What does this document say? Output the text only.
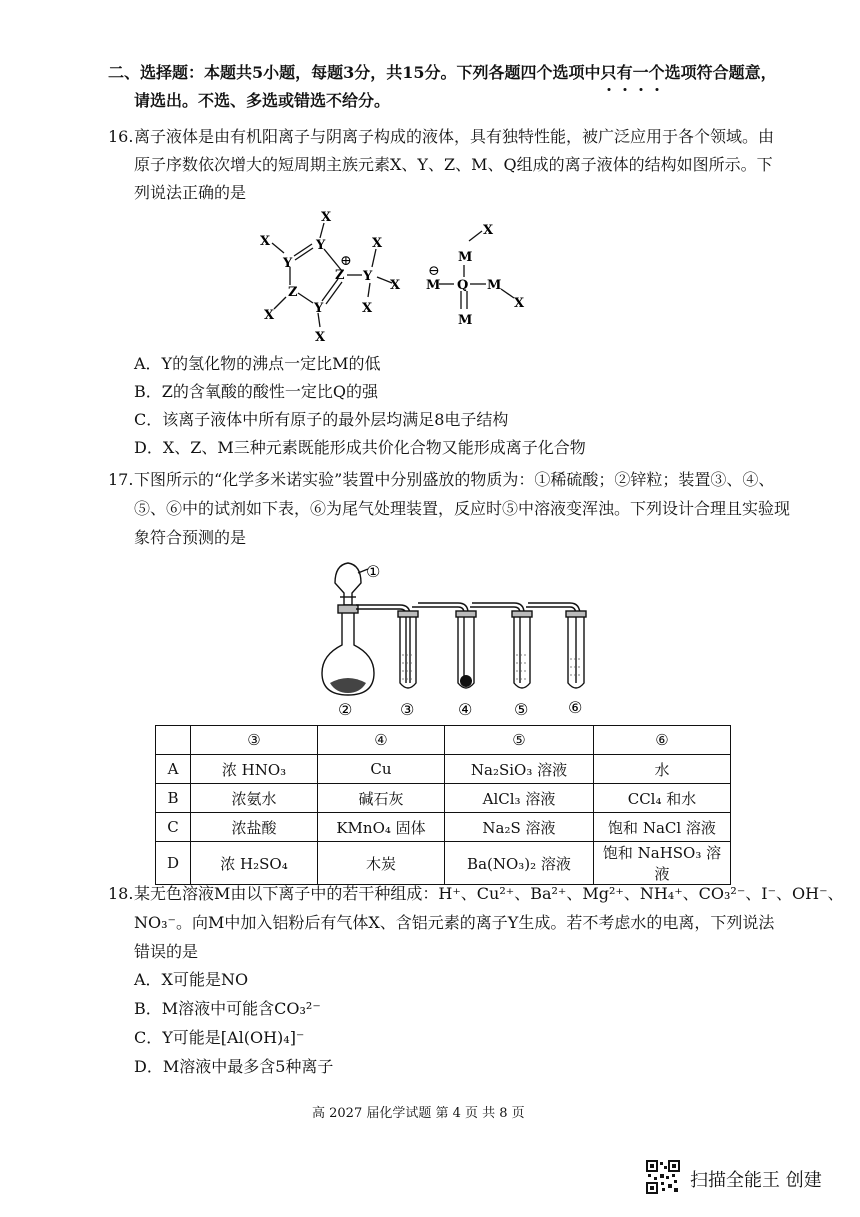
二、选择题：本题共5小题，每题3分，共15分。下列各题四个选项中只有一个选项符合题意，
请选出。不选、多选或错选不给分。
16. 离子液体是由有机阳离子与阴离子构成的液体，具有独特性能，被广泛应用于各个领域。由
原子序数依次增大的短周期主族元素X、Y、Z、M、Q组成的离子液体的结构如图所示。下
列说法正确的是
Y
Y
Z
Z
Y
Y
⊕
X
X
X
X
X
X
X
M
X
M
⊖
Q M
X
M
A．Y的氢化物的沸点一定比M的低
B．Z的含氧酸的酸性一定比Q的强
C．该离子液体中所有原子的最外层均满足8电子结构
D．X、Z、M三种元素既能形成共价化合物又能形成离子化合物
17. 下图所示的“化学多米诺实验”装置中分别盛放的物质为：①稀硫酸；②锌粒；装置③、④、
⑤、⑥中的试剂如下表，⑥为尾气处理装置，反应时⑤中溶液变浑浊。下列设计合理且实验现
象符合预测的是
①
②	③	④	⑤ ⑥
	③	④	⑤	⑥
A	浓 HNO₃	Cu	Na₂SiO₃ 溶液	水
B	浓氨水	碱石灰	AlCl₃ 溶液	CCl₄ 和水
C	浓盐酸	KMnO₄ 固体	Na₂S 溶液	饱和 NaCl 溶液
D	浓 H₂SO₄	木炭	Ba(NO₃)₂ 溶液	饱和 NaHSO₃ 溶液
18. 某无色溶液M由以下离子中的若干种组成：H⁺、Cu²⁺、Ba²⁺、Mg²⁺、NH₄⁺、CO₃²⁻、I⁻、OH⁻、
NO₃⁻。向M中加入铝粉后有气体X、含铝元素的离子Y生成。若不考虑水的电离，下列说法
错误的是
A．X可能是NO
B．M溶液中可能含CO₃²⁻
C．Y可能是[Al(OH)₄]⁻
D．M溶液中最多含5种离子
高 2027 届化学试题 第 4 页 共 8 页
扫描全能王 创建
